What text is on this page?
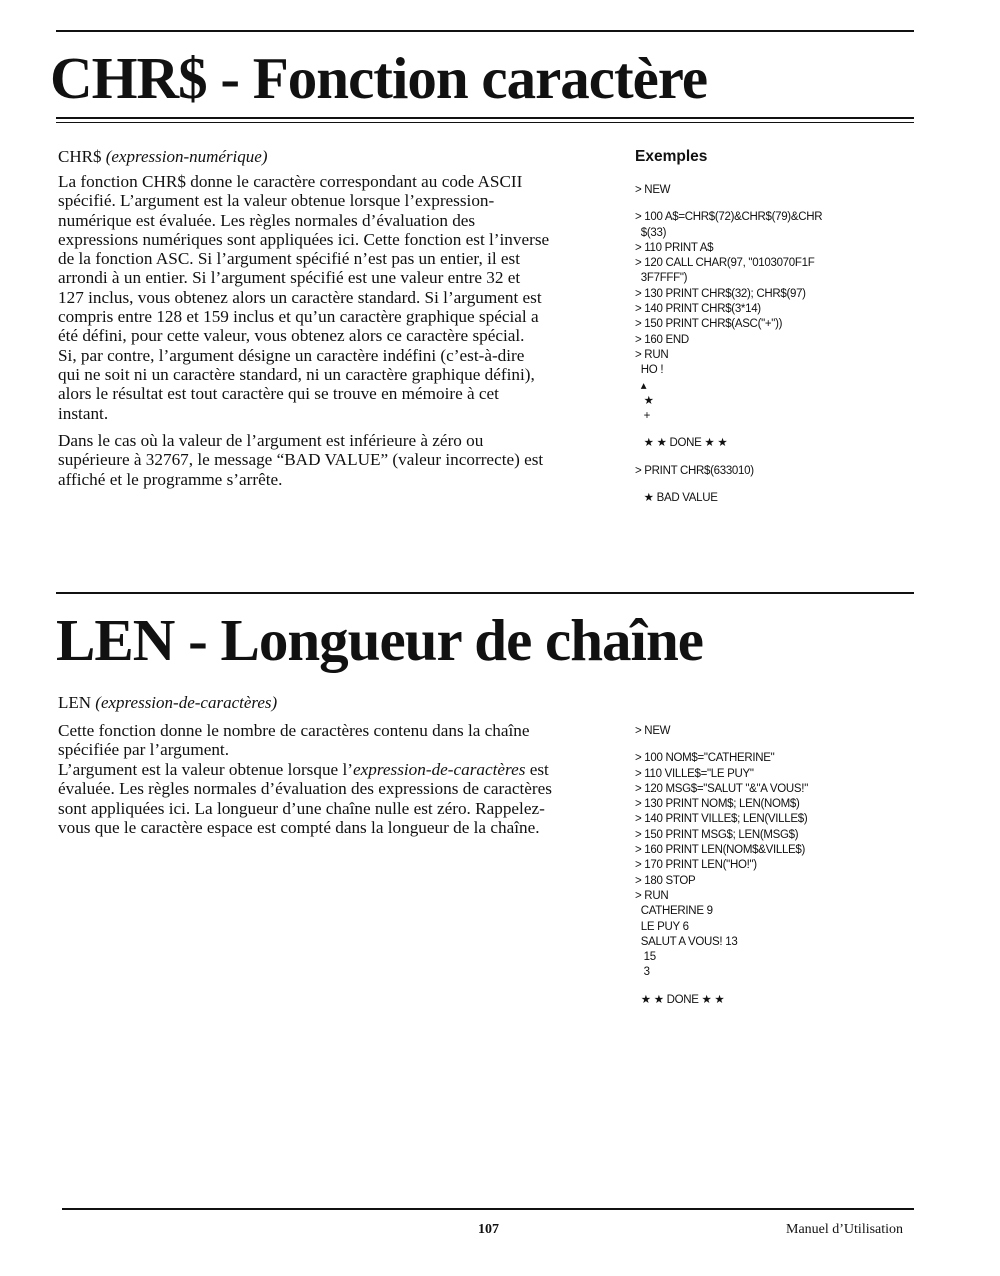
CHR$ - Fonction caractère
CHR$ (expression-numérique)
La fonction CHR$ donne le caractère correspondant au code ASCII
spécifié. L’argument est la valeur obtenue lorsque l’expression-
numérique est évaluée. Les règles normales d’évaluation des
expressions numériques sont appliquées ici. Cette fonction est l’inverse
de la fonction ASC. Si l’argument spécifié n’est pas un entier, il est
arrondi à un entier. Si l’argument spécifié est une valeur entre 32 et
127 inclus, vous obtenez alors un caractère standard. Si l’argument est
compris entre 128 et 159 inclus et qu’un caractère graphique spécial a
été défini, pour cette valeur, vous obtenez alors ce caractère spécial.
Si, par contre, l’argument désigne un caractère indéfini (c’est-à-dire
qui ne soit ni un caractère standard, ni un caractère graphique défini),
alors le résultat est tout caractère qui se trouve en mémoire à cet
instant.
Dans le cas où la valeur de l’argument est inférieure à zéro ou
supérieure à 32767, le message “BAD VALUE” (valeur incorrecte) est
affiché et le programme s’arrête.
Exemples
> NEW
> 100 A$=CHR$(72)&CHR$(79)&CHR
$(33)
> 110 PRINT A$
> 120 CALL CHAR(97, "0103070F1F
3F7FFF")
> 130 PRINT CHR$(32); CHR$(97)
> 140 PRINT CHR$(3*14)
> 150 PRINT CHR$(ASC("+"))
> 160 END
> RUN
HO !
▴
★
+
★ ★ DONE ★ ★
> PRINT CHR$(633010)
★ BAD VALUE
LEN - Longueur de chaîne
LEN (expression-de-caractères)
Cette fonction donne le nombre de caractères contenu dans la chaîne
spécifiée par l’argument.
L’argument est la valeur obtenue lorsque l’expression-de-caractères est
évaluée. Les règles normales d’évaluation des expressions de caractères
sont appliquées ici. La longueur d’une chaîne nulle est zéro. Rappelez-
vous que le caractère espace est compté dans la longueur de la chaîne.
> NEW
> 100 NOM$="CATHERINE"
> 110 VILLE$="LE PUY"
> 120 MSG$="SALUT "&"A VOUS!"
> 130 PRINT NOM$; LEN(NOM$)
> 140 PRINT VILLE$; LEN(VILLE$)
> 150 PRINT MSG$; LEN(MSG$)
> 160 PRINT LEN(NOM$&VILLE$)
> 170 PRINT LEN("HO!")
> 180 STOP
> RUN
CATHERINE 9
LE PUY 6
SALUT A VOUS! 13
15
3
★ ★ DONE ★ ★
107	Manuel d’Utilisation
